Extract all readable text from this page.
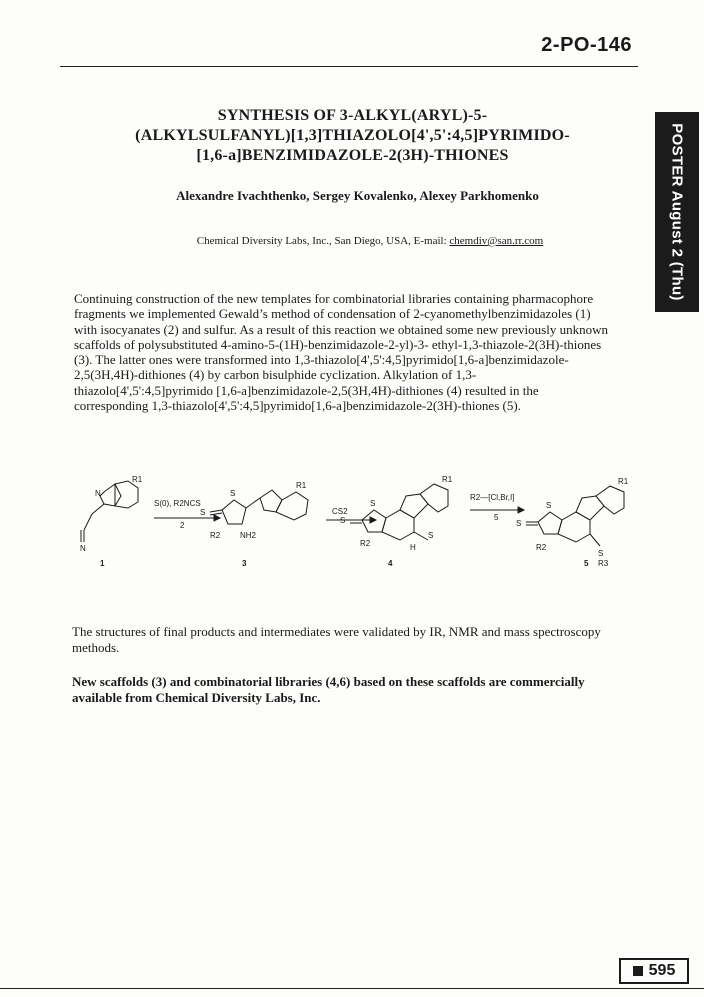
2-PO-146
POSTER August 2 (Thu)
SYNTHESIS OF 3-ALKYL(ARYL)-5-
(ALKYLSULFANYL)[1,3]THIAZOLO[4',5':4,5]PYRIMIDO-
[1,6-a]BENZIMIDAZOLE-2(3H)-THIONES
Alexandre Ivachthenko, Sergey Kovalenko, Alexey Parkhomenko
Chemical Diversity Labs, Inc., San Diego, USA, E-mail: chemdiv@san.rr.com
Continuing construction of the new templates for combinatorial libraries containing pharmacophore fragments we implemented Gewald’s method of condensation of 2-cyanomethylbenzimidazoles (1) with isocyanates (2) and sulfur. As a result of this reaction we obtained some new previously unknown scaffolds of polysubstituted 4-amino-5-(1H)-benzimidazole-2-yl)-3- ethyl-1,3-thiazole-2(3H)-thiones (3). The latter ones were transformed into 1,3-thiazolo[4',5':4,5]pyrimido[1,6-a]benzimidazole-2,5(3H,4H)-dithiones (4) by carbon bisulphide cyclization. Alkylation of 1,3-thiazolo[4',5':4,5]pyrimido [1,6-a]benzimidazole-2,5(3H,4H)-dithiones (4) resulted in the corresponding 1,3-thiazolo[4',5':4,5]pyrimido[1,6-a]benzimidazole-2(3H)-thiones (5).
R1
N
N
S(0), R2NCS
2
S
S
R2 NH2
R1
CS2
S
S
R2	H
S
R1
R2—[Cl,Br,I]
5
S
S
R2
S
R3
R1
1	3	4	5
The structures of final products and intermediates were validated by IR, NMR and mass spectroscopy methods.
New scaffolds (3) and combinatorial libraries (4,6) based on these scaffolds are commercially available from Chemical Diversity Labs, Inc.
595
